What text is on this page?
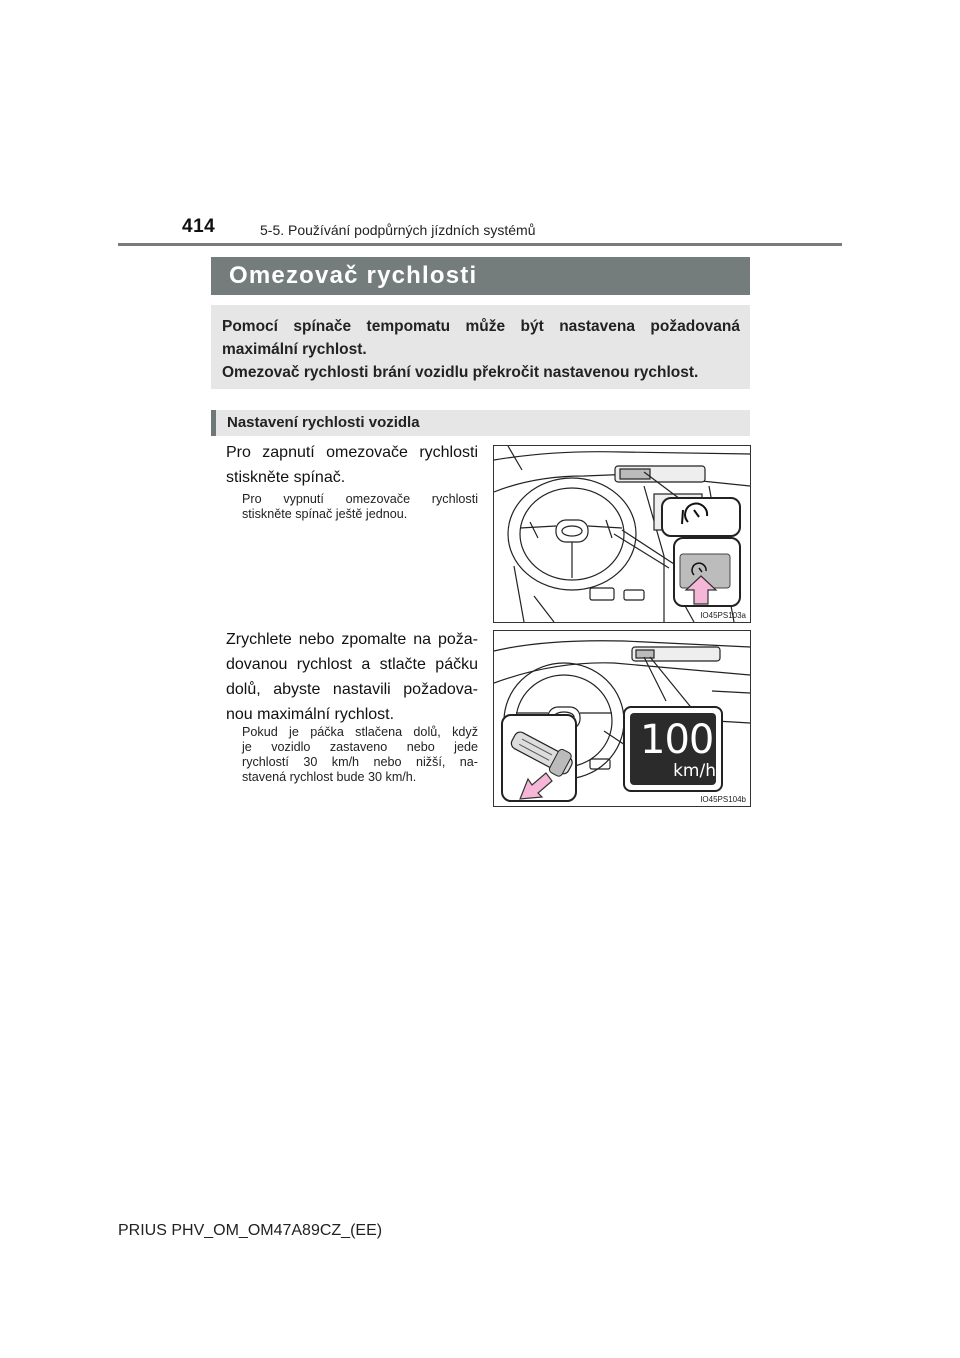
414	5-5. Používání podpůrných jízdních systémů
Omezovač rychlosti
Pomocí spínače tempomatu může být nastavena požadovaná
maximální rychlost.
Omezovač rychlosti brání vozidlu překročit nastavenou rychlost.
Nastavení rychlosti vozidla
Pro zapnutí omezovače rychlosti
stiskněte spínač.
Pro vypnutí omezovače rychlosti
stiskněte spínač ještě jednou.
IO45PS103a
Zrychlete nebo zpomalte na poža-
dovanou rychlost a stlačte páčku
dolů, abyste nastavili požadova-
nou maximální rychlost.
Pokud je páčka stlačena dolů, když
je vozidlo zastaveno nebo jede
rychlostí 30 km/h nebo nižší, na-
stavená rychlost bude 30 km/h.
100
km/h
IO45PS104b
PRIUS PHV_OM_OM47A89CZ_(EE)
